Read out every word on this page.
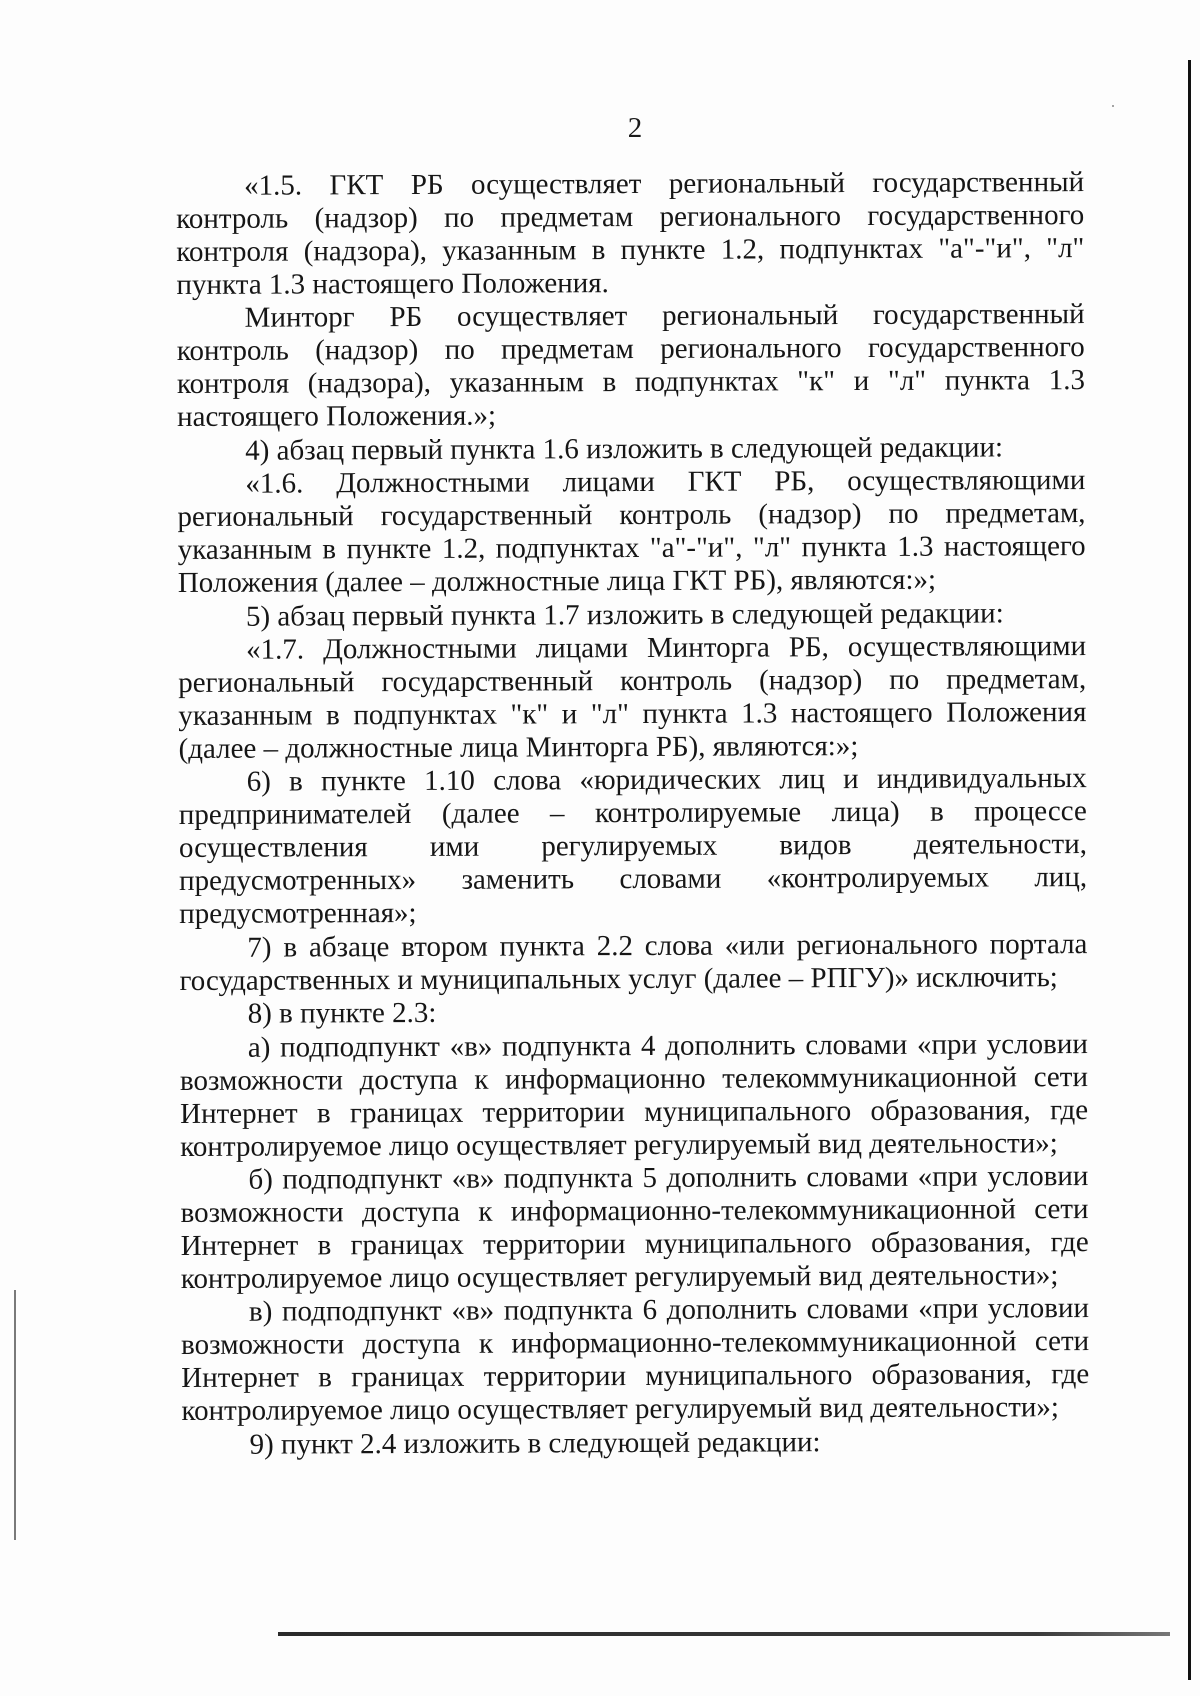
2

«1.5. ГКТ РБ осуществляет региональный государственный контроль (надзор) по предметам регионального государственного контроля (надзора), указанным в пункте 1.2, подпунктах "а"-"и", "л" пункта 1.3 настоящего Положения.

Минторг РБ осуществляет региональный государственный контроль (надзор) по предметам регионального государственного контроля (надзора), указанным в подпунктах "к" и "л" пункта 1.3 настоящего Положения.»;

4) абзац первый пункта 1.6 изложить в следующей редакции:

«1.6. Должностными лицами ГКТ РБ, осуществляющими региональный государственный контроль (надзор) по предметам, указанным в пункте 1.2, подпунктах "а"-"и", "л" пункта 1.3 настоящего Положения (далее – должностные лица ГКТ РБ), являются:»;

5) абзац первый пункта 1.7 изложить в следующей редакции:

«1.7. Должностными лицами Минторга РБ, осуществляющими региональный государственный контроль (надзор) по предметам, указанным в подпунктах "к" и "л" пункта 1.3 настоящего Положения (далее – должностные лица Минторга РБ), являются:»;

6) в пункте 1.10 слова «юридических лиц и индивидуальных предпринимателей (далее – контролируемые лица) в процессе осуществления ими регулируемых видов деятельности, предусмотренных» заменить словами «контролируемых лиц, предусмотренная»;

7) в абзаце втором пункта 2.2 слова «или регионального портала государственных и муниципальных услуг (далее – РПГУ)» исключить;

8) в пункте 2.3:

а) подподпункт «в» подпункта 4 дополнить словами «при условии возможности доступа к информационно телекоммуникационной сети Интернет в границах территории муниципального образования, где контролируемое лицо осуществляет регулируемый вид деятельности»;

б) подподпункт «в» подпункта 5 дополнить словами «при условии возможности доступа к информационно-телекоммуникационной сети Интернет в границах территории муниципального образования, где контролируемое лицо осуществляет регулируемый вид деятельности»;

в) подподпункт «в» подпункта 6 дополнить словами «при условии возможности доступа к информационно-телекоммуникационной сети Интернет в границах территории муниципального образования, где контролируемое лицо осуществляет регулируемый вид деятельности»;

9) пункт 2.4 изложить в следующей редакции:
